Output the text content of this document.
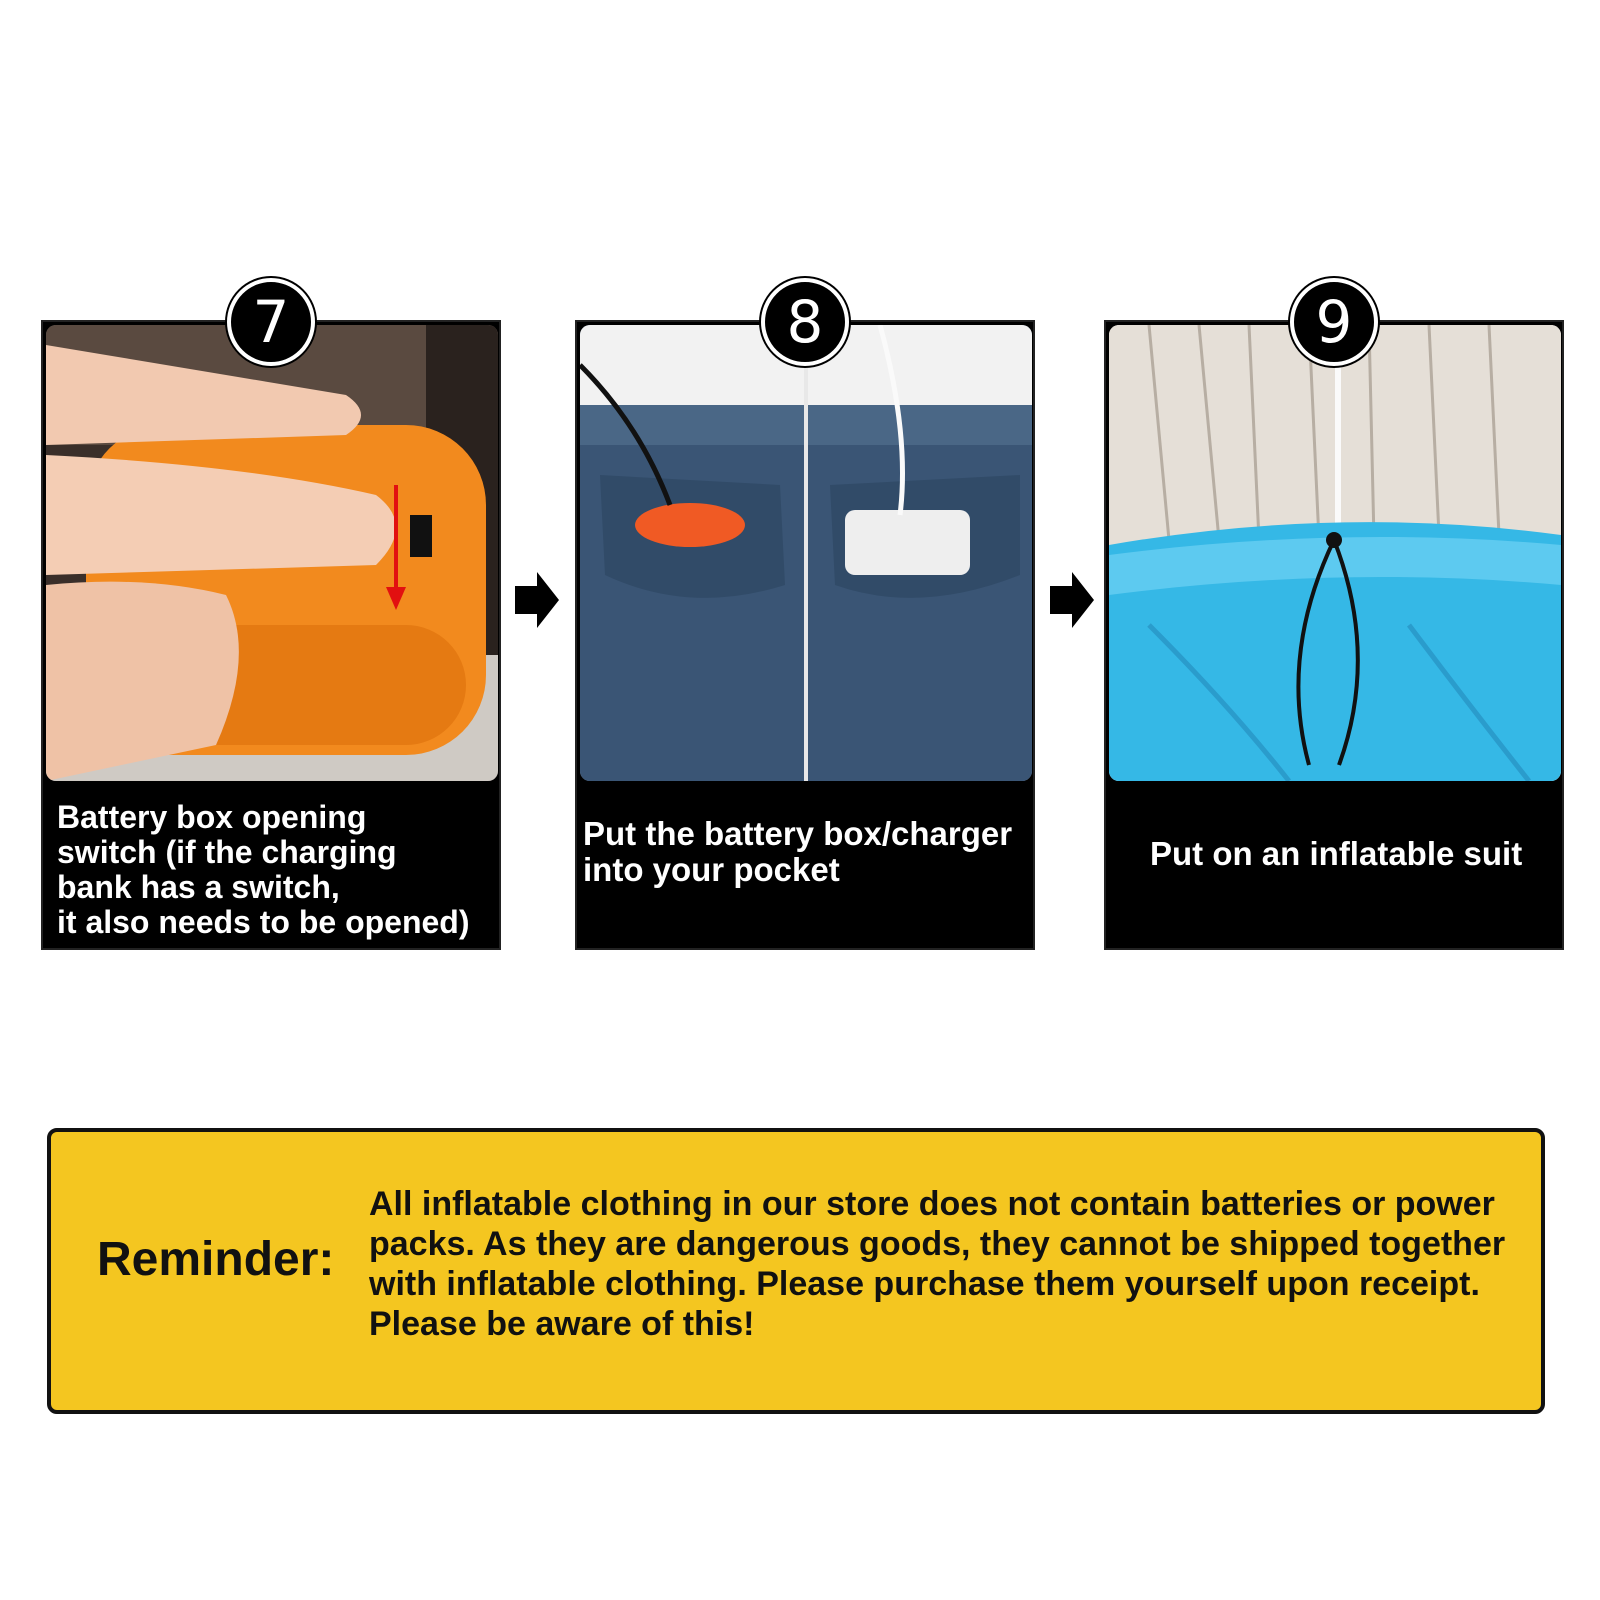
7
Battery box opening
switch (if the charging
bank has a switch,
it also needs to be opened)
8
Put the battery box/charger
into your pocket
9
Put on an inflatable suit
Reminder:
All inflatable clothing in our store does not contain batteries or power packs. As they are dangerous goods, they cannot be shipped together with inflatable clothing. Please purchase them yourself upon receipt. Please be aware of this!
